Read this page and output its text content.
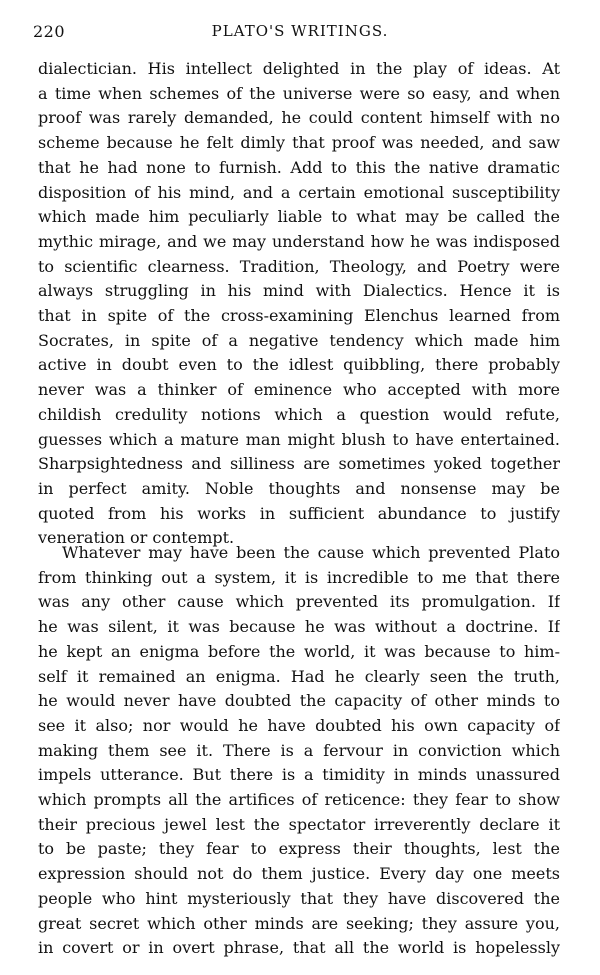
220	PLATO'S WRITINGS.
dialectician. His intellect delighted in the play of ideas. At
a time when schemes of the universe were so easy, and when
proof was rarely demanded, he could content himself with no
scheme because he felt dimly that proof was needed, and saw
that he had none to furnish. Add to this the native dramatic
disposition of his mind, and a certain emotional susceptibility
which made him peculiarly liable to what may be called the
mythic mirage, and we may understand how he was indisposed
to scientific clearness. Tradition, Theology, and Poetry were
always struggling in his mind with Dialectics. Hence it is
that in spite of the cross-examining Elenchus learned from
Socrates, in spite of a negative tendency which made him
active in doubt even to the idlest quibbling, there probably
never was a thinker of eminence who accepted with more
childish credulity notions which a question would refute,
guesses which a mature man might blush to have entertained.
Sharpsightedness and silliness are sometimes yoked together
in perfect amity. Noble thoughts and nonsense may be
quoted from his works in sufficient abundance to justify
veneration or contempt.
Whatever may have been the cause which prevented Plato
from thinking out a system, it is incredible to me that there
was any other cause which prevented its promulgation. If
he was silent, it was because he was without a doctrine. If
he kept an enigma before the world, it was because to him-
self it remained an enigma. Had he clearly seen the truth,
he would never have doubted the capacity of other minds to
see it also; nor would he have doubted his own capacity of
making them see it. There is a fervour in conviction which
impels utterance. But there is a timidity in minds unassured
which prompts all the artifices of reticence: they fear to show
their precious jewel lest the spectator irreverently declare it
to be paste; they fear to express their thoughts, lest the
expression should not do them justice. Every day one meets
people who hint mysteriously that they have discovered the
great secret which other minds are seeking; they assure you,
in covert or in overt phrase, that all the world is hopelessly
